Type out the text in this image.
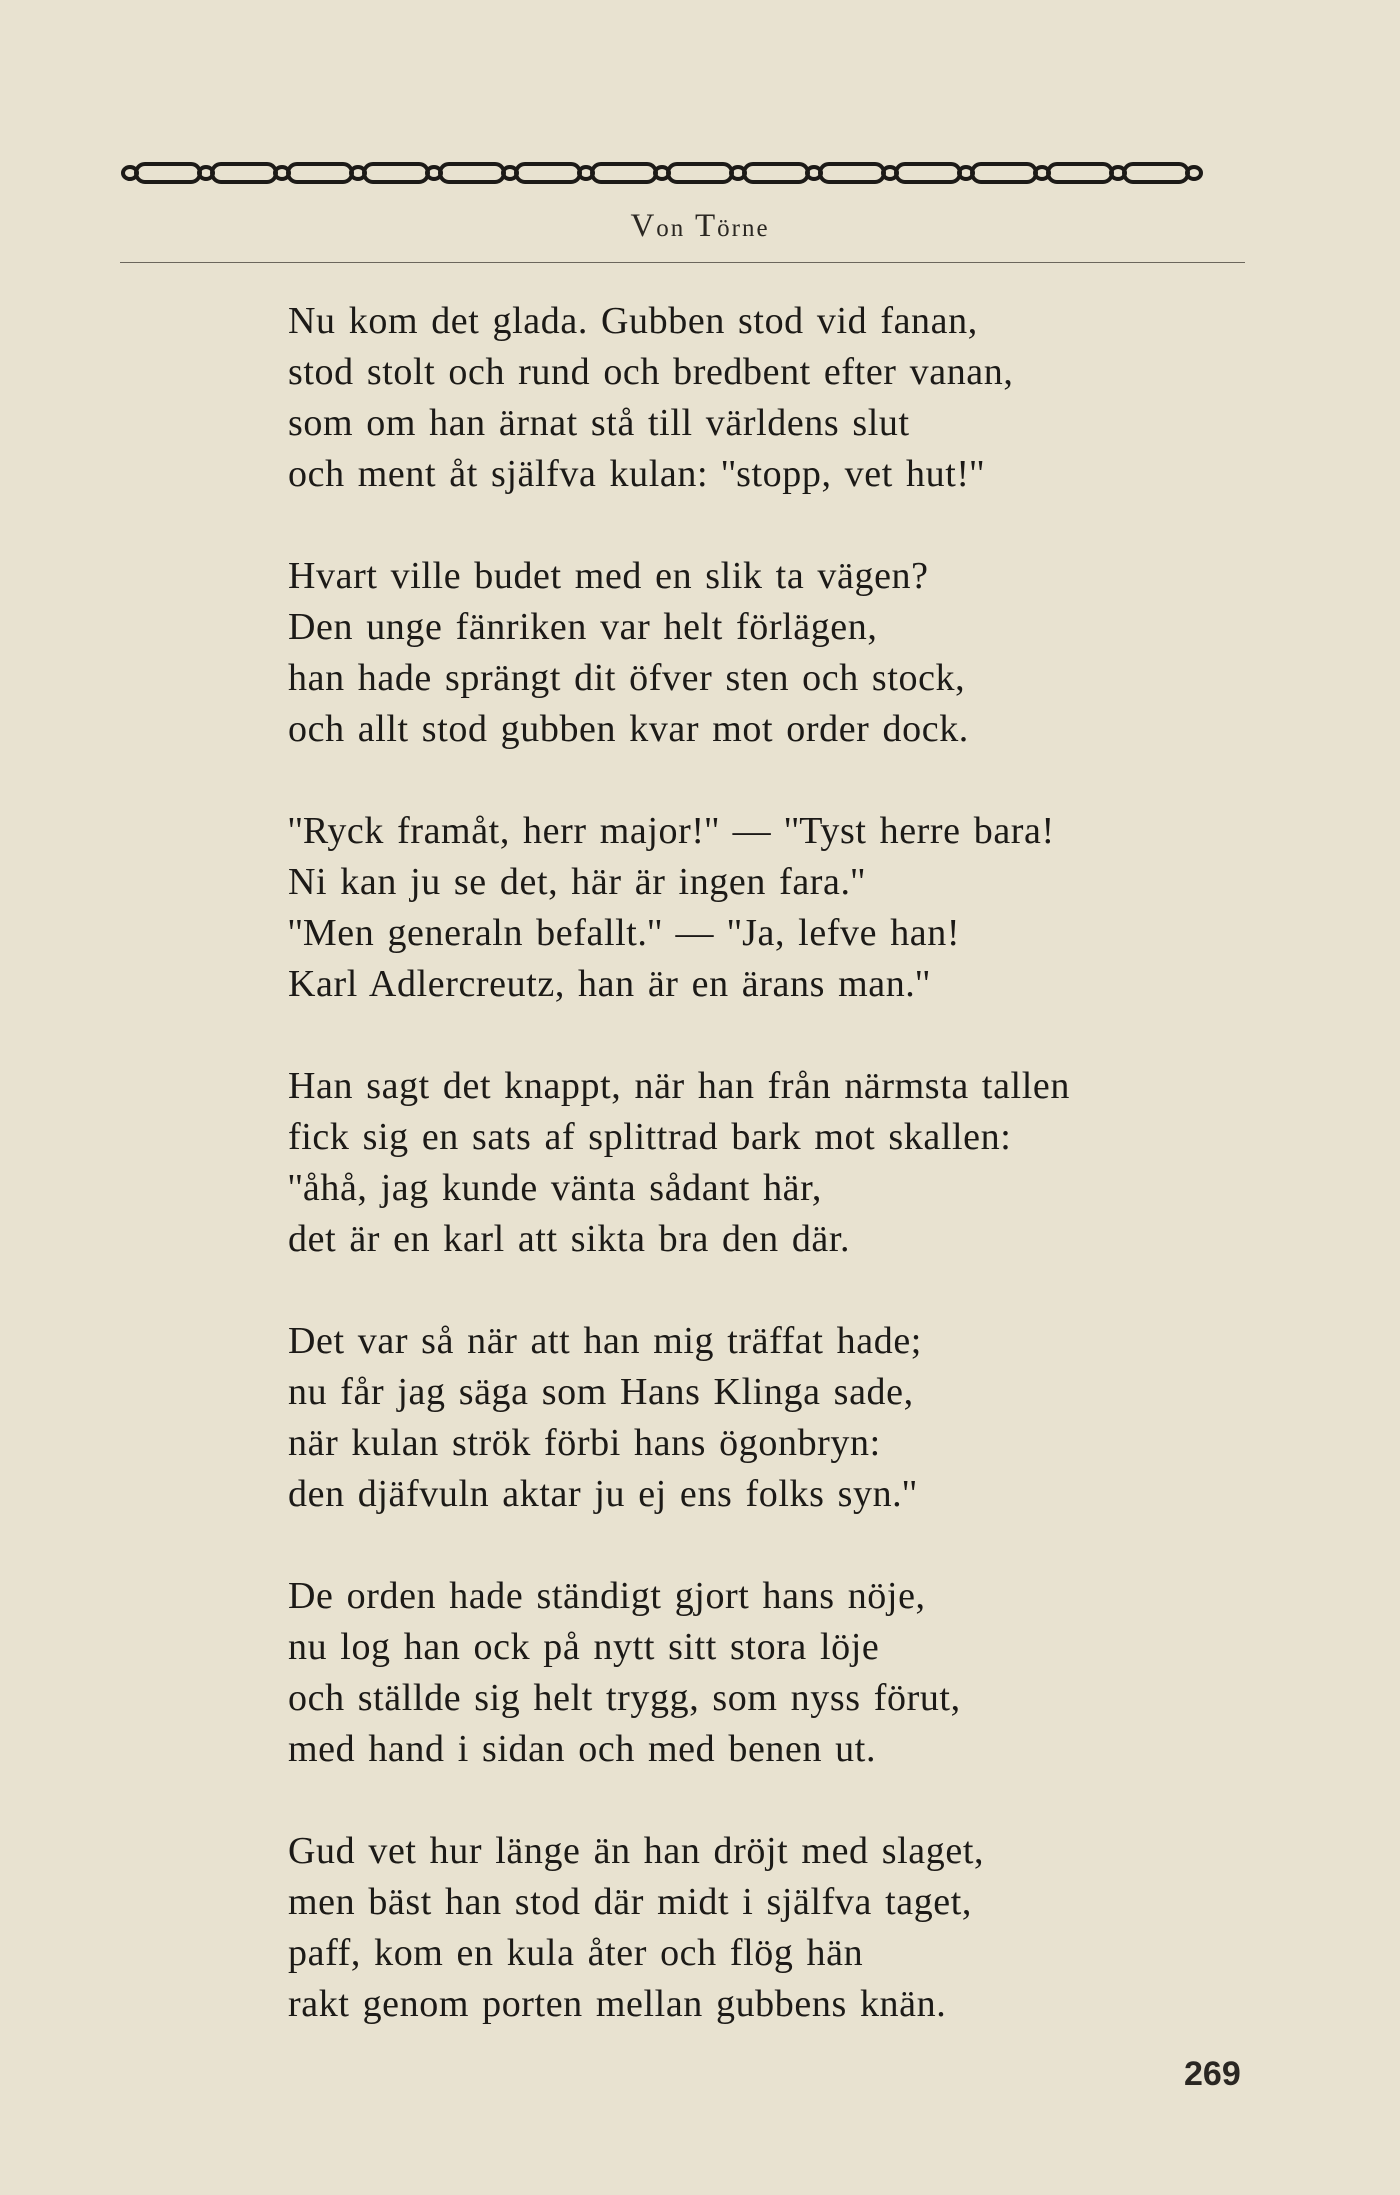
Von Törne
Nu kom det glada. Gubben stod vid fanan,
stod stolt och rund och bredbent efter vanan,
som om han ärnat stå till världens slut
och ment åt själfva kulan: ''stopp, vet hut!''
Hvart ville budet med en slik ta vägen?
Den unge fänriken var helt förlägen,
han hade sprängt dit öfver sten och stock,
och allt stod gubben kvar mot order dock.
''Ryck framåt, herr major!'' — ''Tyst herre bara!
Ni kan ju se det, här är ingen fara.''
''Men generaln befallt.'' — ''Ja, lefve han!
Karl Adlercreutz, han är en ärans man.''
Han sagt det knappt, när han från närmsta tallen
fick sig en sats af splittrad bark mot skallen:
''åhå, jag kunde vänta sådant här,
det är en karl att sikta bra den där.
Det var så när att han mig träffat hade;
nu får jag säga som Hans Klinga sade,
när kulan strök förbi hans ögonbryn:
den djäfvuln aktar ju ej ens folks syn.''
De orden hade ständigt gjort hans nöje,
nu log han ock på nytt sitt stora löje
och ställde sig helt trygg, som nyss förut,
med hand i sidan och med benen ut.
Gud vet hur länge än han dröjt med slaget,
men bäst han stod där midt i själfva taget,
paff, kom en kula åter och flög hän
rakt genom porten mellan gubbens knän.
269
